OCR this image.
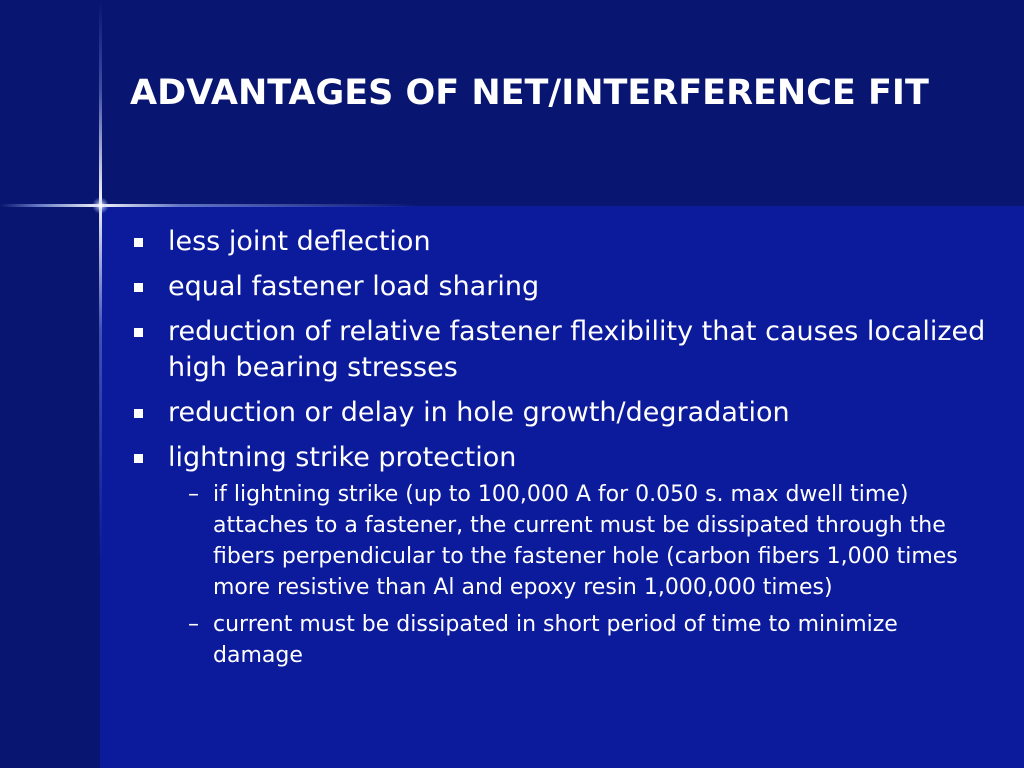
ADVANTAGES OF NET/INTERFERENCE FIT
less joint deflection
equal fastener load sharing
reduction of relative fastener flexibility that causes localized high bearing stresses
reduction or delay in hole growth/degradation
lightning strike protection
– if lightning strike (up to 100,000 A for 0.050 s. max dwell time) attaches to a fastener, the current must be dissipated through the fibers perpendicular to the fastener hole (carbon fibers 1,000 times more resistive than Al and epoxy resin 1,000,000 times)
– current must be dissipated in short period of time to minimize damage
